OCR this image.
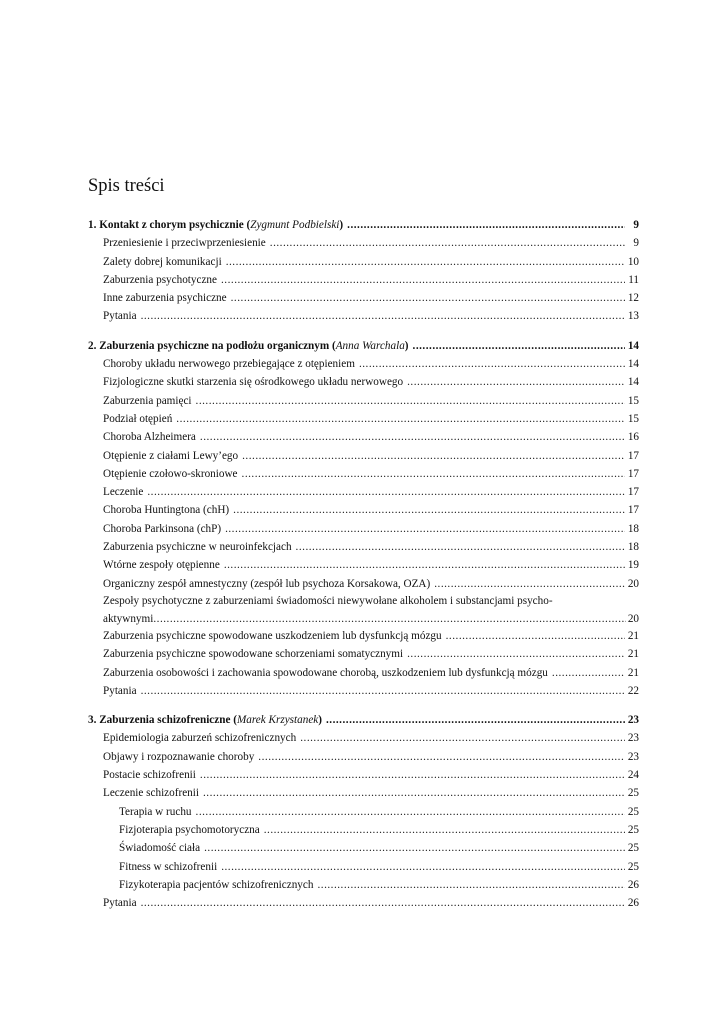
Spis treści
1. Kontakt z chorym psychicznie (Zygmunt Podbielski) .....	9
Przeniesienie i przeciwprzeniesienie .....	9
Zalety dobrej komunikacji .....	10
Zaburzenia psychotyczne .....	11
Inne zaburzenia psychiczne .....	12
Pytania .....	13
2. Zaburzenia psychiczne na podłożu organicznym (Anna Warchala) .....	14
Choroby układu nerwowego przebiegające z otępieniem .....	14
Fizjologiczne skutki starzenia się ośrodkowego układu nerwowego .....	14
Zaburzenia pamięci .....	15
Podział otępień .....	15
Choroba Alzheimera .....	16
Otępienie z ciałami Lewy’ego .....	17
Otępienie czołowo-skroniowe .....	17
Leczenie .....	17
Choroba Huntingtona (chH) .....	17
Choroba Parkinsona (chP) .....	18
Zaburzenia psychiczne w neuroinfekcjach .....	18
Wtórne zespoły otępienne .....	19
Organiczny zespół amnestyczny (zespół lub psychoza Korsakowa, OZA) .....	20
Zespoły psychotyczne z zaburzeniami świadomości niewywołane alkoholem i substancjami psycho-
aktywnymi .....	20
Zaburzenia psychiczne spowodowane uszkodzeniem lub dysfunkcją mózgu .....	21
Zaburzenia psychiczne spowodowane schorzeniami somatycznymi .....	21
Zaburzenia osobowości i zachowania spowodowane chorobą, uszkodzeniem lub dysfunkcją mózgu .....	21
Pytania .....	22
3. Zaburzenia schizofreniczne (Marek Krzystanek) .....	23
Epidemiologia zaburzeń schizofrenicznych .....	23
Objawy i rozpoznawanie choroby .....	23
Postacie schizofrenii .....	24
Leczenie schizofrenii .....	25
Terapia w ruchu .....	25
Fizjoterapia psychomotoryczna .....	25
Świadomość ciała .....	25
Fitness w schizofrenii .....	25
Fizykoterapia pacjentów schizofrenicznych .....	26
Pytania .....	26
